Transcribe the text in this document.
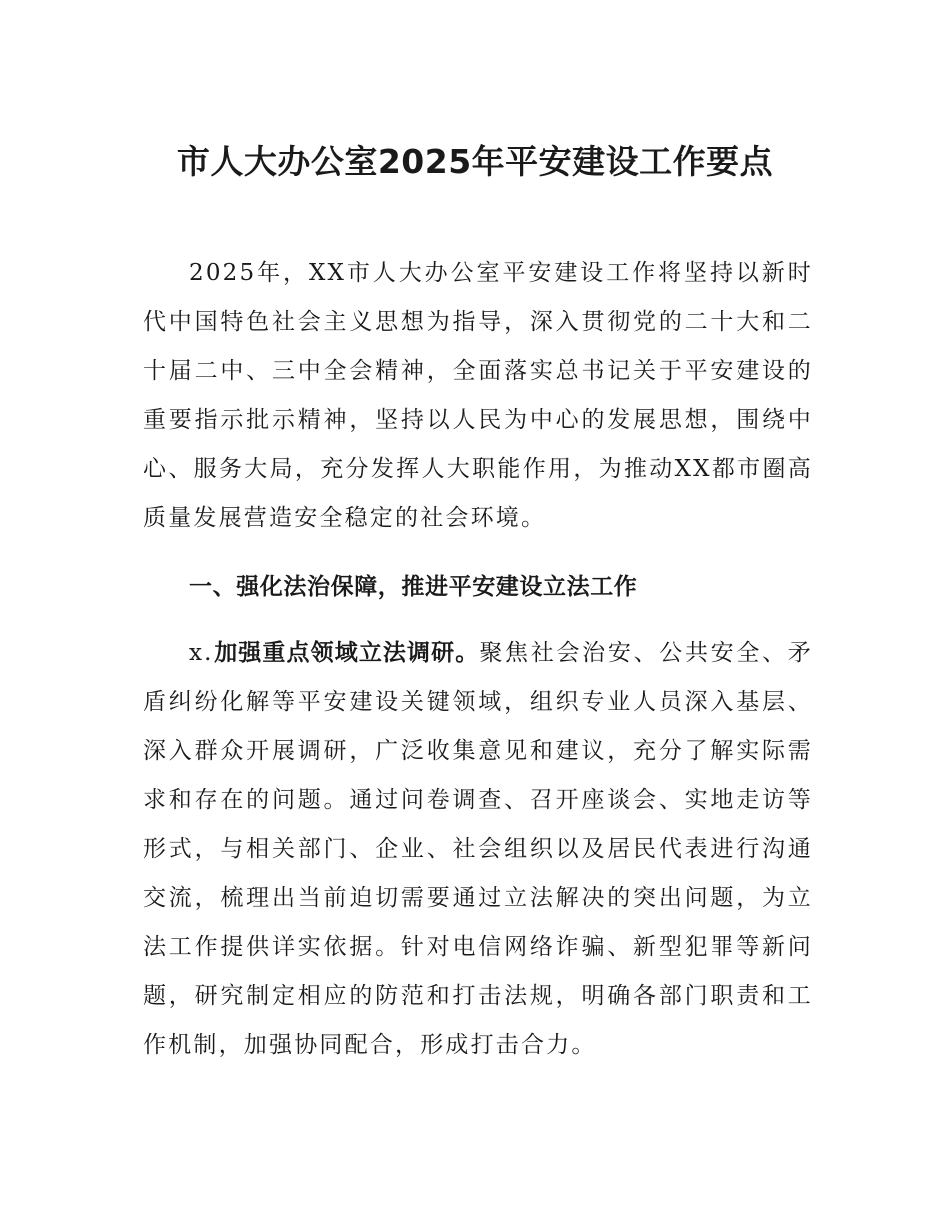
市人大办公室2025年平安建设工作要点

2025年，XX市人大办公室平安建设工作将坚持以新时代中国特色社会主义思想为指导，深入贯彻党的二十大和二十届二中、三中全会精神，全面落实总书记关于平安建设的重要指示批示精神，坚持以人民为中心的发展思想，围绕中心、服务大局，充分发挥人大职能作用，为推动XX都市圈高质量发展营造安全稳定的社会环境。

一、强化法治保障，推进平安建设立法工作

x.加强重点领域立法调研。聚焦社会治安、公共安全、矛盾纠纷化解等平安建设关键领域，组织专业人员深入基层、深入群众开展调研，广泛收集意见和建议，充分了解实际需求和存在的问题。通过问卷调查、召开座谈会、实地走访等形式，与相关部门、企业、社会组织以及居民代表进行沟通交流，梳理出当前迫切需要通过立法解决的突出问题，为立法工作提供详实依据。针对电信网络诈骗、新型犯罪等新问题，研究制定相应的防范和打击法规，明确各部门职责和工作机制，加强协同配合，形成打击合力。
